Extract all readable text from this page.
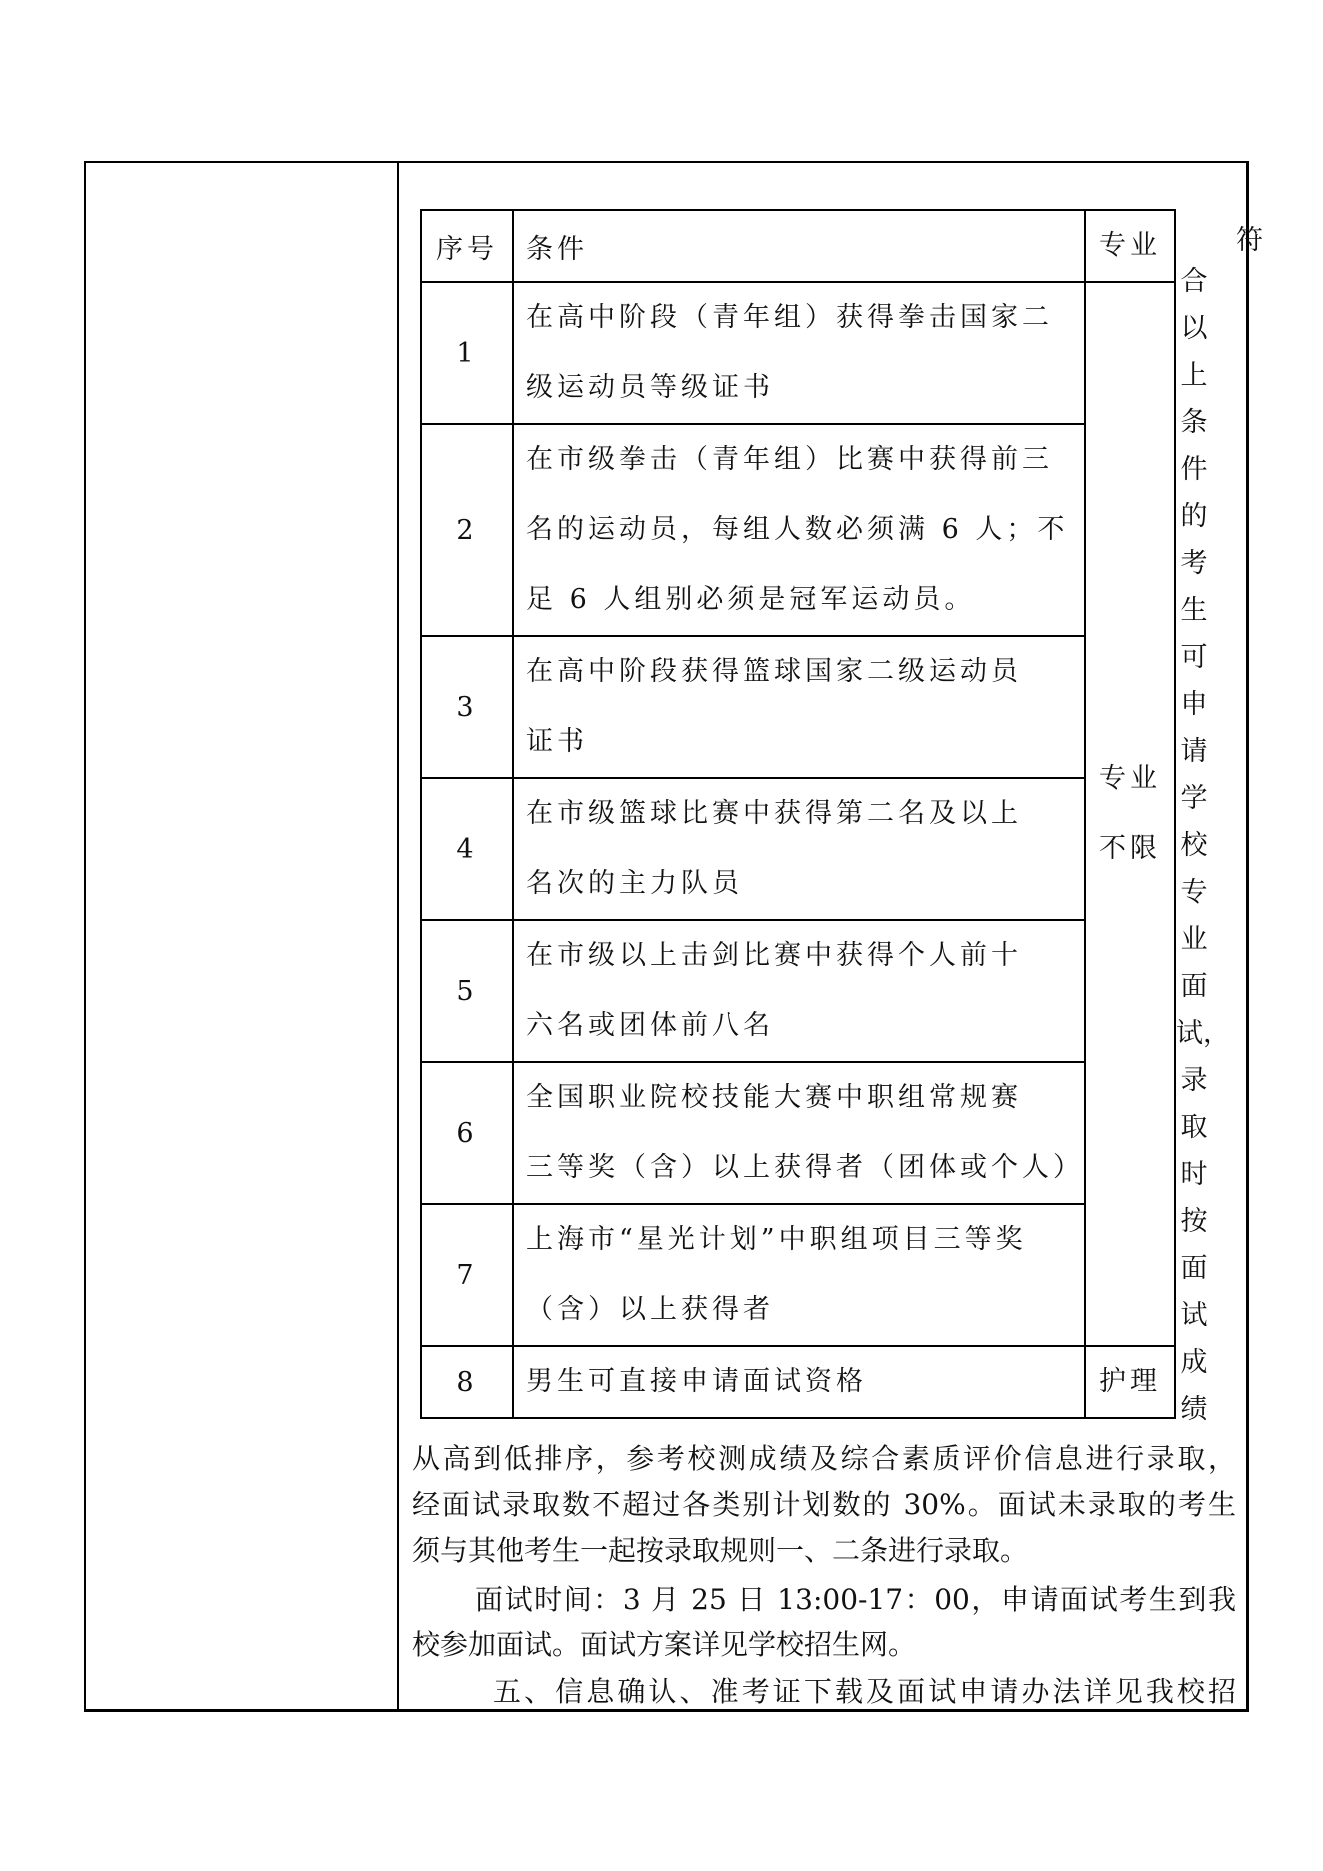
符
序号	条件	专业
1	
在高中阶段（青年组）获得拳击国家二
级运动员等级证书

专业
不限

2	
在市级拳击（青年组）比赛中获得前三
名的运动员，每组人数必须满 6 人；不
足 6 人组别必须是冠军运动员。

3	
在高中阶段获得篮球国家二级运动员
证书

4	
在市级篮球比赛中获得第二名及以上
名次的主力队员

5	
在市级以上击剑比赛中获得个人前十
六名或团体前八名

6	
全国职业院校技能大赛中职组常规赛
三等奖（含）以上获得者（团体或个人）

7	
上海市“星光计划”中职组项目三等奖
（含）以上获得者

8	男生可直接申请面试资格	护理
合
以
上
条
件
的
考
生
可
申
请
学
校
专
业
面
试，
录
取
时
按
面
试
成
绩
从高到低排序，参考校测成绩及综合素质评价信息进行录取，
经面试录取数不超过各类别计划数的 30%。面试未录取的考生
须与其他考生一起按录取规则一、二条进行录取。
面试时间：3 月 25 日 13:00-17：00，申请面试考生到我
校参加面试。面试方案详见学校招生网。
五、信息确认、准考证下载及面试申请办法详见我校招
